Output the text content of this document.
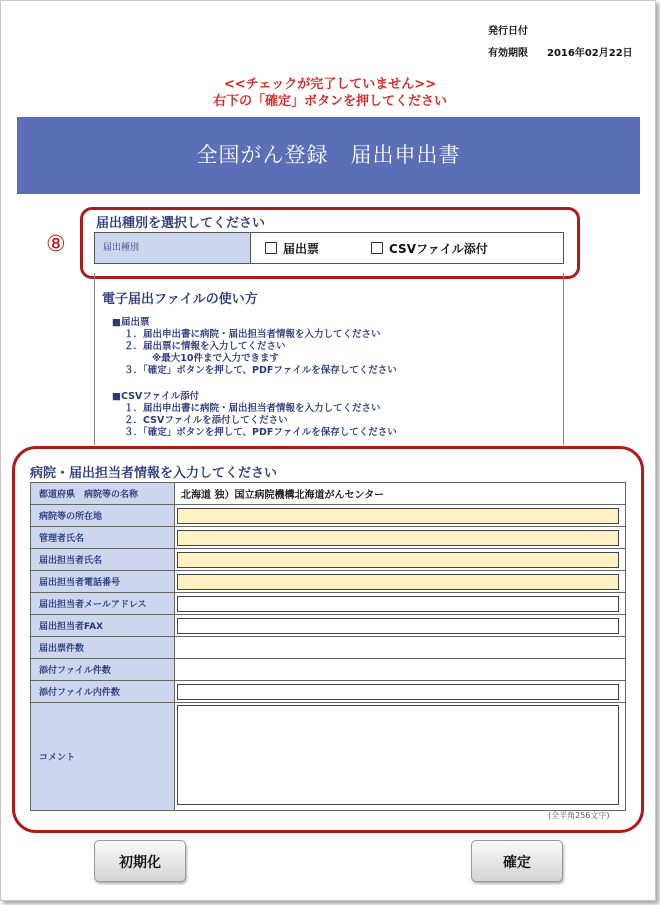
発行日付
有効期限 2016年02月22日
<<チェックが完了していません>>
右下の「確定」ボタンを押してください
全国がん登録　届出申出書
⑧
届出種別を選択してください
届出種別	届出票	CSVファイル添付
電子届出ファイルの使い方
■届出票
１．届出申出書に病院・届出担当者情報を入力してください
２．届出票に情報を入力してください
※最大10件まで入力できます
３．「確定」ボタンを押して、PDFファイルを保存してください
■CSVファイル添付
１．届出申出書に病院・届出担当者情報を入力してください
２．CSVファイルを添付してください
３．「確定」ボタンを押して、PDFファイルを保存してください
病院・届出担当者情報を入力してください
都道府県　病院等の名称	北海道 独）国立病院機構北海道がんセンター
病院等の所在地	
管理者氏名	
届出担当者氏名	
届出担当者電話番号	
届出担当者メールアドレス	
届出担当者FAX	
届出票件数	
添付ファイル件数	
添付ファイル内件数	
コメント	
(全半角256文字)
初期化	確定
